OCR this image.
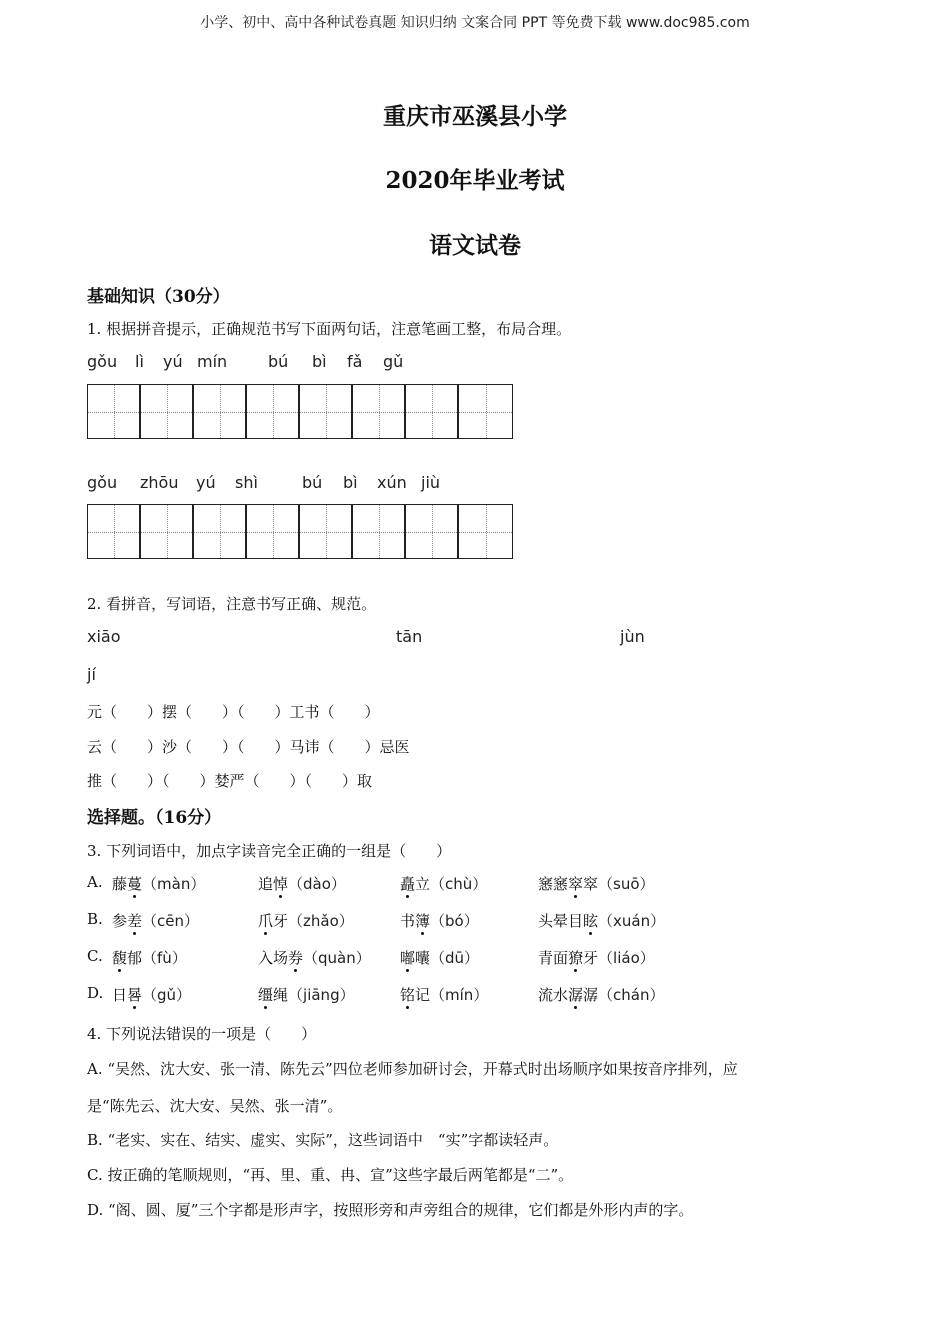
小学、初中、高中各种试卷真题 知识归纳 文案合同 PPT 等免费下载 www.doc985.com
重庆市巫溪县小学
2020年毕业考试
语文试卷
基础知识（30分）
1. 根据拼音提示，正确规范书写下面两句话，注意笔画工整，布局合理。
gǒu lì yú mín	bú bì fǎ gǔ
gǒu zhōu yú shì	bú bì xún jiù
2. 看拼音，写词语，注意书写正确、规范。
xiāo	tān	jùn
jí
元（　　）摆（　　）（　　）工书（　　）
云（　　）沙（　　）（　　）马讳（　　）忌医
推（　　）（　　）婪严（　　）（　　）取
选择题。（16分）
3. 下列词语中，加点字读音完全正确的一组是（　　）
A. 藤蔓（màn）	追悼（dào）	矗立（chù）	窸窸窣窣（suō）
B. 参差（cēn）	爪牙（zhǎo）	书簿（bó）	头晕目眩（xuán）
C. 馥郁（fù）	入场券（quàn） 嘟囔（dū）	青面獠牙（liáo）
D. 日晷（gǔ）	缰绳（jiāng）	铭记（mín）	流水潺潺（chán）
4. 下列说法错误的一项是（　　）
A. “吴然、沈大安、张一清、陈先云”四位老师参加研讨会，开幕式时出场顺序如果按音序排列，应
是“陈先云、沈大安、吴然、张一清”。
B. “老实、实在、结实、虚实、实际”，这些词语中　“实”字都读轻声。
C. 按正确的笔顺规则，“再、里、重、冉、宣”这些字最后两笔都是“二”。
D. “阁、圆、厦”三个字都是形声字，按照形旁和声旁组合的规律，它们都是外形内声的字。
